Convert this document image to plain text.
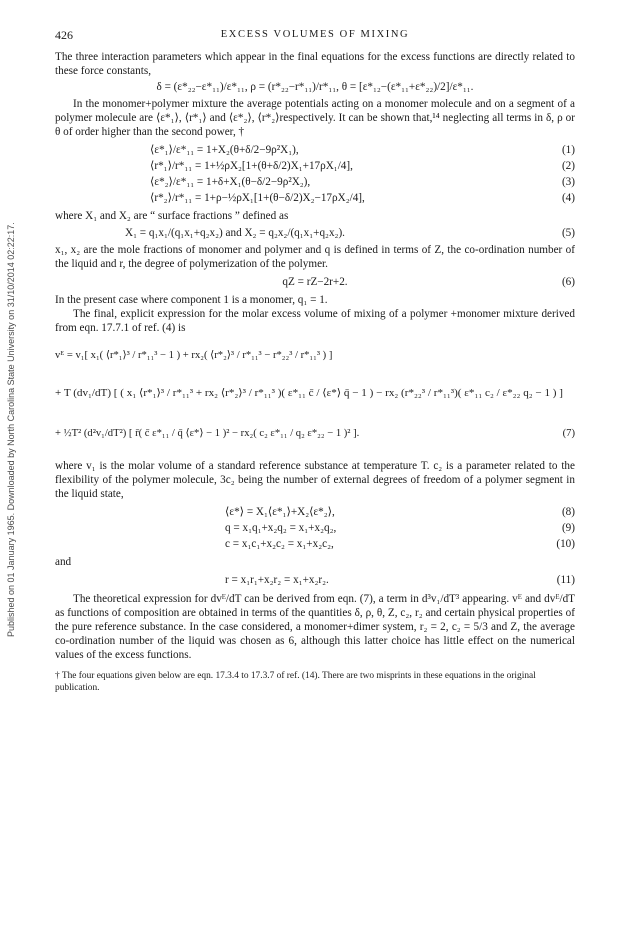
Published on 01 January 1965. Downloaded by North Carolina State University on 31/10/2014 02:22:17.
426	EXCESS VOLUMES OF MIXING

The three interaction parameters which appear in the final equations for the excess functions are directly related to these force constants,

δ = (ε*₂₂−ε*₁₁)/ε*₁₁, ρ = (r*₂₂−r*₁₁)/r*₁₁, θ = [ε*₁₂−(ε*₁₁+ε*₂₂)/2]/ε*₁₁.

In the monomer+polymer mixture the average potentials acting on a monomer molecule and on a segment of a polymer molecule are ⟨ε*₁⟩, ⟨r*₁⟩ and ⟨ε*₂⟩, ⟨r*₂⟩respectively. It can be shown that,¹⁴ neglecting all terms in δ, ρ or θ of order higher than the second power, †

⟨ε*₁⟩/ε*₁₁ = 1+X₂(θ+δ/2−9ρ²X₁),	(1)
⟨r*₁⟩/r*₁₁ = 1+½ρX₂[1+(θ+δ/2)X₁+17ρX₁/4],	(2)
⟨ε*₂⟩/ε*₁₁ = 1+δ+X₁(θ−δ/2−9ρ²X₂),	(3)
⟨r*₂⟩/r*₁₁ = 1+ρ−½ρX₁[1+(θ−δ/2)X₂−17ρX₂/4],	(4)

where X₁ and X₂ are “ surface fractions ” defined as

X₁ = q₁x₁/(q₁x₁+q₂x₂) and X₂ = q₂x₂/(q₁x₁+q₂x₂).	(5)

x₁, x₂ are the mole fractions of monomer and polymer and q is defined in terms of Z, the co-ordination number of the liquid and r, the degree of polymerization of the polymer.

qZ = rZ−2r+2.	(6)

In the present case where component 1 is a monomer, q₁ = 1.

The final, explicit expression for the molar excess volume of mixing of a polymer +monomer mixture derived from eqn. 17.7.1 of ref. (4) is

vᴱ = v₁[ x₁( ⟨r*₁⟩³ / r*₁₁³ − 1 ) + rx₂( ⟨r*₂⟩³ / r*₁₁³ − r*₂₂³ / r*₁₁³ ) ]
+ T (dv₁/dT) [ ( x₁ ⟨r*₁⟩³ / r*₁₁³ + rx₂ ⟨r*₂⟩³ / r*₁₁³ )( ε*₁₁ c̄ / ⟨ε*⟩ q̄ − 1 ) − rx₂ (r*₂₂³ / r*₁₁³)( ε*₁₁ c₂ / ε*₂₂ q₂ − 1 ) ]
+ ½T² (d²v₁/dT²) [ r̄( c̄ ε*₁₁ / q̄ ⟨ε*⟩ − 1 )² − rx₂( c₂ ε*₁₁ / q₂ ε*₂₂ − 1 )² ].	(7)

where v₁ is the molar volume of a standard reference substance at temperature T. c₂ is a parameter related to the flexibility of the polymer molecule, 3c₂ being the number of external degrees of freedom of a polymer segment in the liquid state,

⟨ε*⟩ = X₁⟨ε*₁⟩+X₂⟨ε*₂⟩,	(8)
q = x₁q₁+x₂q₂ = x₁+x₂q₂,	(9)
c = x₁c₁+x₂c₂ = x₁+x₂c₂,	(10)
and
r = x₁r₁+x₂r₂ = x₁+x₂r₂.	(11)

The theoretical expression for dvᴱ/dT can be derived from eqn. (7), a term in d³v₁/dT³ appearing. vᴱ and dvᴱ/dT as functions of composition are obtained in terms of the quantities δ, ρ, θ, Z, c₂, r₂ and certain physical properties of the pure reference substance. In the case considered, a monomer+dimer system, r₂ = 2, c₂ = 5/3 and Z, the average co-ordination number of the liquid was chosen as 6, although this latter choice has little effect on the numerical values of the excess functions.

† The four equations given below are eqn. 17.3.4 to 17.3.7 of ref. (14). There are two misprints in these equations in the original publication.
